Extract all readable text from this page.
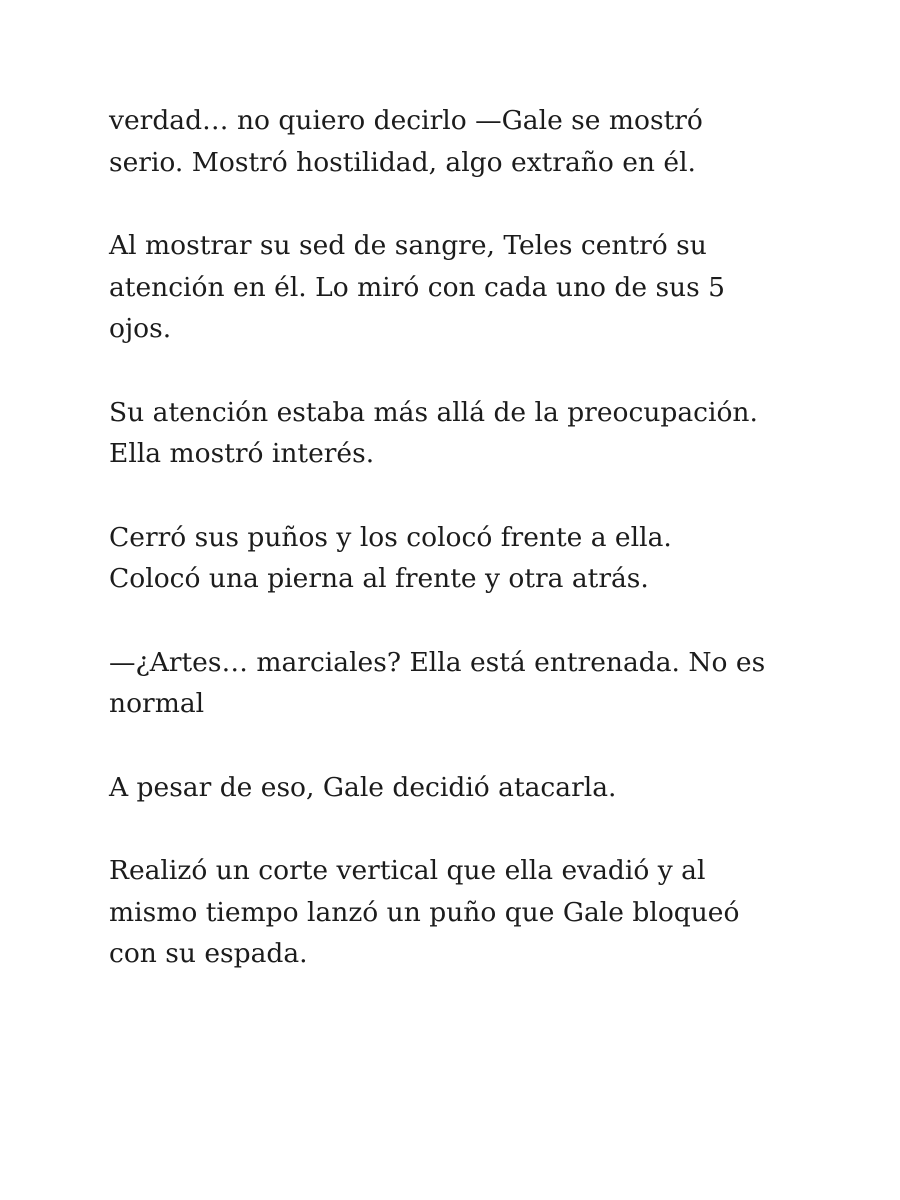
verdad… no quiero decirlo —Gale se mostró
serio. Mostró hostilidad, algo extraño en él.

Al mostrar su sed de sangre, Teles centró su
atención en él. Lo miró con cada uno de sus 5
ojos.

Su atención estaba más allá de la preocupación.
Ella mostró interés.

Cerró sus puños y los colocó frente a ella.
Colocó una pierna al frente y otra atrás.

—¿Artes… marciales? Ella está entrenada. No es
normal

A pesar de eso, Gale decidió atacarla.

Realizó un corte vertical que ella evadió y al
mismo tiempo lanzó un puño que Gale bloqueó
con su espada.
